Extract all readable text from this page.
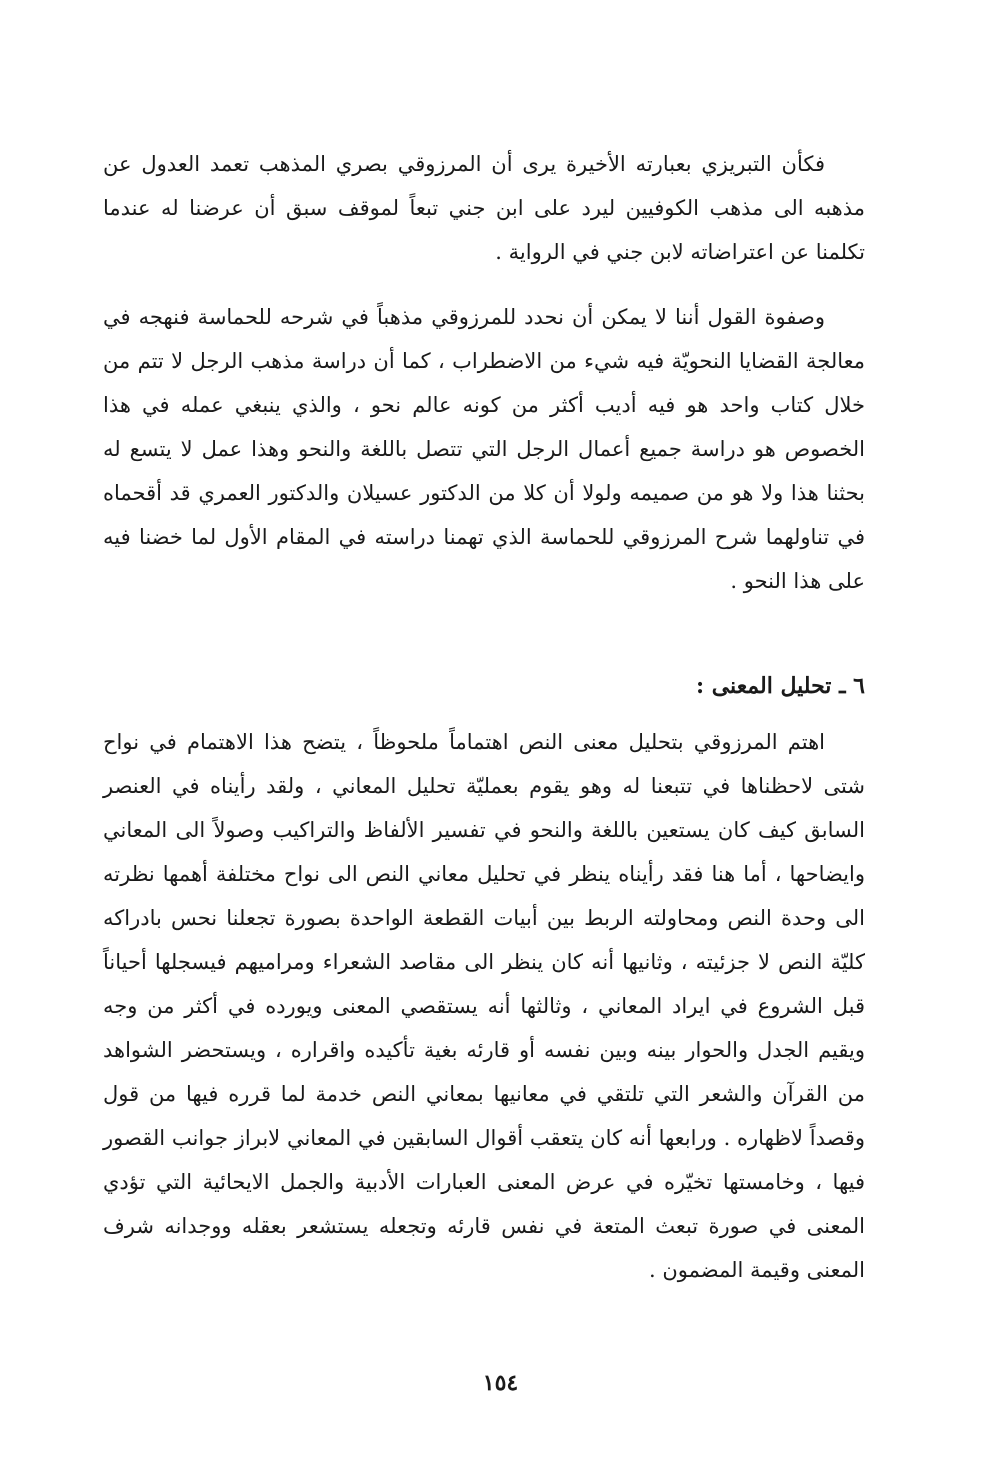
فكأن التبريزي بعبارته الأخيرة يرى أن المرزوقي بصري المذهب تعمد العدول عن مذهبه الى مذهب الكوفيين ليرد على ابن جني تبعاً لموقف سبق أن عرضنا له عندما تكلمنا عن اعتراضاته لابن جني في الرواية .

وصفوة القول أننا لا يمكن أن نحدد للمرزوقي مذهباً في شرحه للحماسة فنهجه في معالجة القضايا النحويّة فيه شيء من الاضطراب ، كما أن دراسة مذهب الرجل لا تتم من خلال كتاب واحد هو فيه أديب أكثر من كونه عالم نحو ، والذي ينبغي عمله في هذا الخصوص هو دراسة جميع أعمال الرجل التي تتصل باللغة والنحو وهذا عمل لا يتسع له بحثنا هذا ولا هو من صميمه ولولا أن كلا من الدكتور عسيلان والدكتور العمري قد أقحماه في تناولهما شرح المرزوقي للحماسة الذي تهمنا دراسته في المقام الأول لما خضنا فيه على هذا النحو .

٦ ـ تحليل المعنى :

اهتم المرزوقي بتحليل معنى النص اهتماماً ملحوظاً ، يتضح هذا الاهتمام في نواح شتى لاحظناها في تتبعنا له وهو يقوم بعمليّة تحليل المعاني ، ولقد رأيناه في العنصر السابق كيف كان يستعين باللغة والنحو في تفسير الألفاظ والتراكيب وصولاً الى المعاني وايضاحها ، أما هنا فقد رأيناه ينظر في تحليل معاني النص الى نواح مختلفة أهمها نظرته الى وحدة النص ومحاولته الربط بين أبيات القطعة الواحدة بصورة تجعلنا نحس بادراكه كليّة النص لا جزئيته ، وثانيها أنه كان ينظر الى مقاصد الشعراء ومراميهم فيسجلها أحياناً قبل الشروع في ايراد المعاني ، وثالثها أنه يستقصي المعنى ويورده في أكثر من وجه ويقيم الجدل والحوار بينه وبين نفسه أو قارئه بغية تأكيده واقراره ، ويستحضر الشواهد من القرآن والشعر التي تلتقي في معانيها بمعاني النص خدمة لما قرره فيها من قول وقصداً لاظهاره . ورابعها أنه كان يتعقب أقوال السابقين في المعاني لابراز جوانب القصور فيها ، وخامستها تخيّره في عرض المعنى العبارات الأدبية والجمل الايحائية التي تؤدي المعنى في صورة تبعث المتعة في نفس قارئه وتجعله يستشعر بعقله ووجدانه شرف المعنى وقيمة المضمون .

١٥٤
